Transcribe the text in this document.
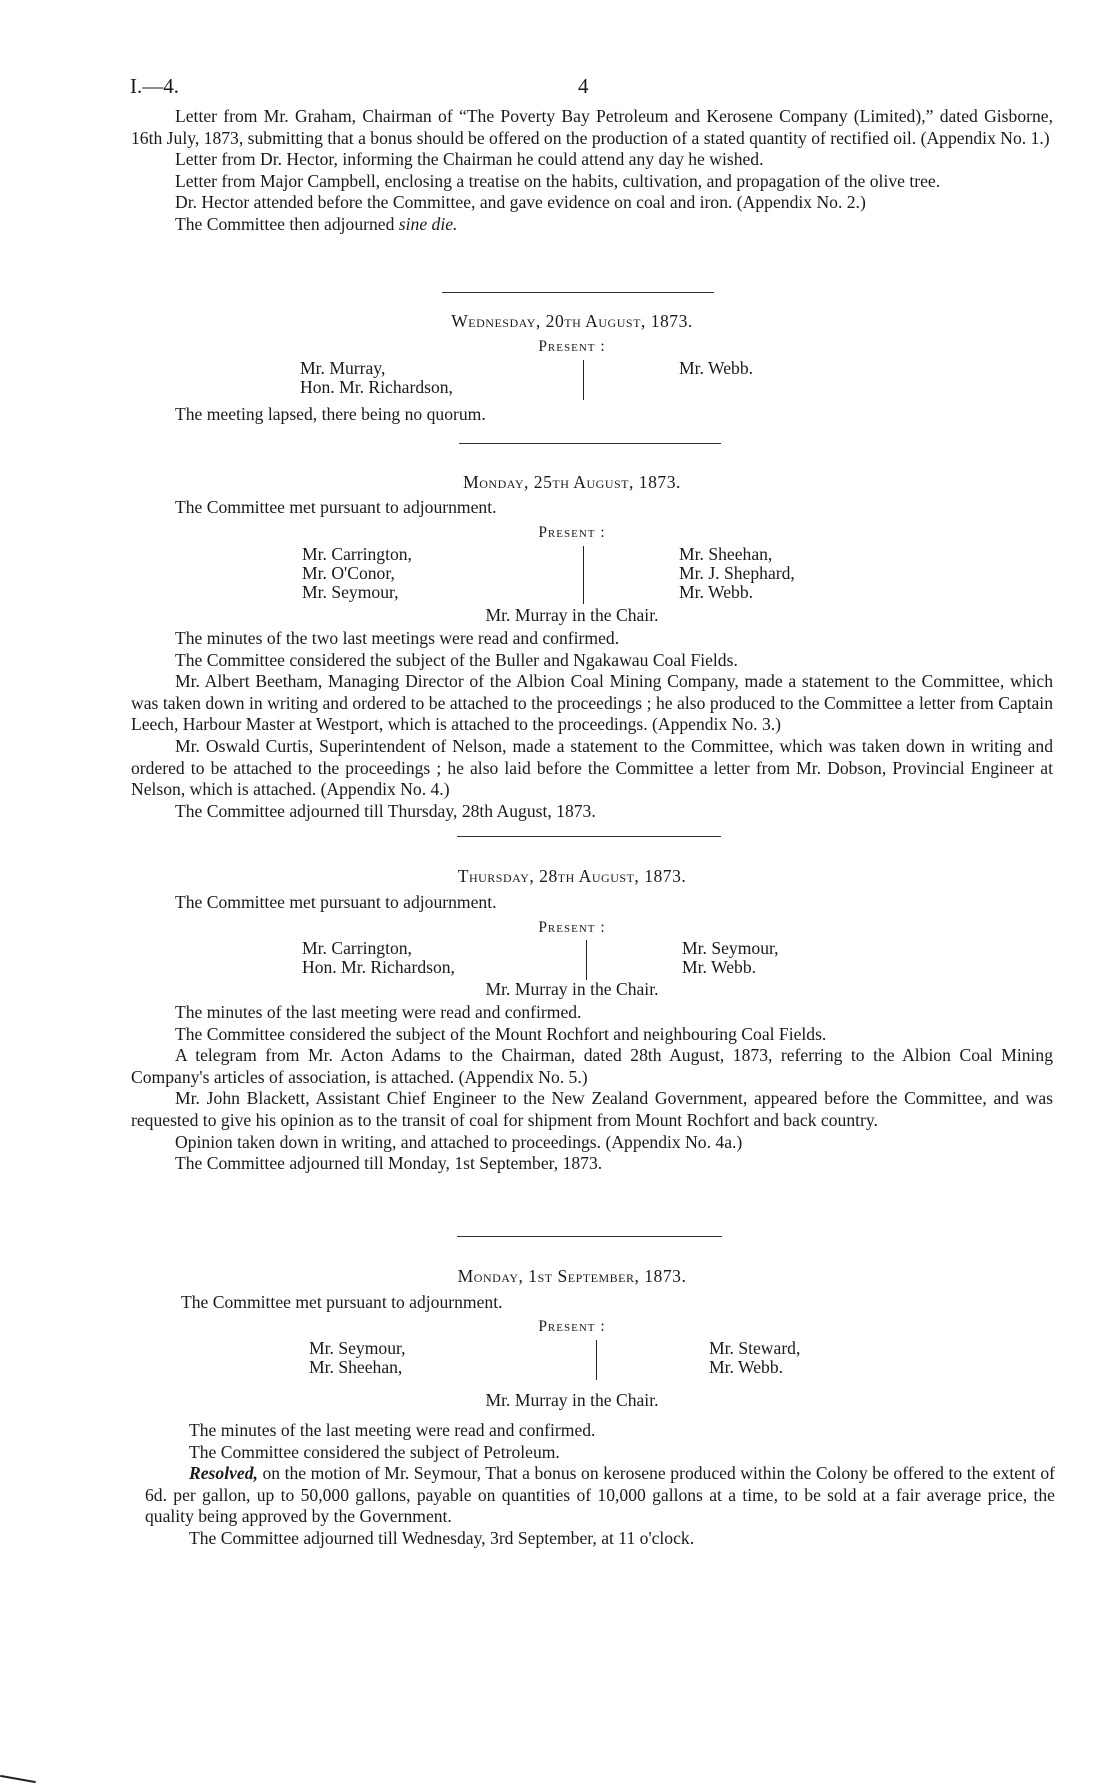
I.—4.	4

Letter from Mr. Graham, Chairman of “The Poverty Bay Petroleum and Kerosene Company (Limited),” dated Gisborne, 16th July, 1873, submitting that a bonus should be offered on the production of a stated quantity of rectified oil. (Appendix No. 1.)

Letter from Dr. Hector, informing the Chairman he could attend any day he wished.

Letter from Major Campbell, enclosing a treatise on the habits, cultivation, and propagation of the olive tree.

Dr. Hector attended before the Committee, and gave evidence on coal and iron. (Appendix No. 2.)

The Committee then adjourned sine die.

Wednesday, 20th August, 1873.
Present :
Mr. Murray,
Hon. Mr. Richardson,
Mr. Webb.

The meeting lapsed, there being no quorum.

Monday, 25th August, 1873.

The Committee met pursuant to adjournment.

Present :
Mr. Carrington,
Mr. O'Conor,
Mr. Seymour,
Mr. Sheehan,
Mr. J. Shephard,
Mr. Webb.
Mr. Murray in the Chair.

The minutes of the two last meetings were read and confirmed.

The Committee considered the subject of the Buller and Ngakawau Coal Fields.

Mr. Albert Beetham, Managing Director of the Albion Coal Mining Company, made a statement to the Committee, which was taken down in writing and ordered to be attached to the proceedings ; he also produced to the Committee a letter from Captain Leech, Harbour Master at Westport, which is attached to the proceedings. (Appendix No. 3.)

Mr. Oswald Curtis, Superintendent of Nelson, made a statement to the Committee, which was taken down in writing and ordered to be attached to the proceedings ; he also laid before the Committee a letter from Mr. Dobson, Provincial Engineer at Nelson, which is attached. (Appendix No. 4.)

The Committee adjourned till Thursday, 28th August, 1873.

Thursday, 28th August, 1873.

The Committee met pursuant to adjournment.

Present :
Mr. Carrington,
Hon. Mr. Richardson,
Mr. Seymour,
Mr. Webb.
Mr. Murray in the Chair.

The minutes of the last meeting were read and confirmed.

The Committee considered the subject of the Mount Rochfort and neighbouring Coal Fields.

A telegram from Mr. Acton Adams to the Chairman, dated 28th August, 1873, referring to the Albion Coal Mining Company's articles of association, is attached. (Appendix No. 5.)

Mr. John Blackett, Assistant Chief Engineer to the New Zealand Government, appeared before the Committee, and was requested to give his opinion as to the transit of coal for shipment from Mount Rochfort and back country.

Opinion taken down in writing, and attached to proceedings. (Appendix No. 4a.)

The Committee adjourned till Monday, 1st September, 1873.

Monday, 1st September, 1873.

The Committee met pursuant to adjournment.

Present :
Mr. Seymour,
Mr. Sheehan,
Mr. Steward,
Mr. Webb.
Mr. Murray in the Chair.

The minutes of the last meeting were read and confirmed.

The Committee considered the subject of Petroleum.

Resolved, on the motion of Mr. Seymour, That a bonus on kerosene produced within the Colony be offered to the extent of 6d. per gallon, up to 50,000 gallons, payable on quantities of 10,000 gallons at a time, to be sold at a fair average price, the quality being approved by the Government.

The Committee adjourned till Wednesday, 3rd September, at 11 o'clock.
